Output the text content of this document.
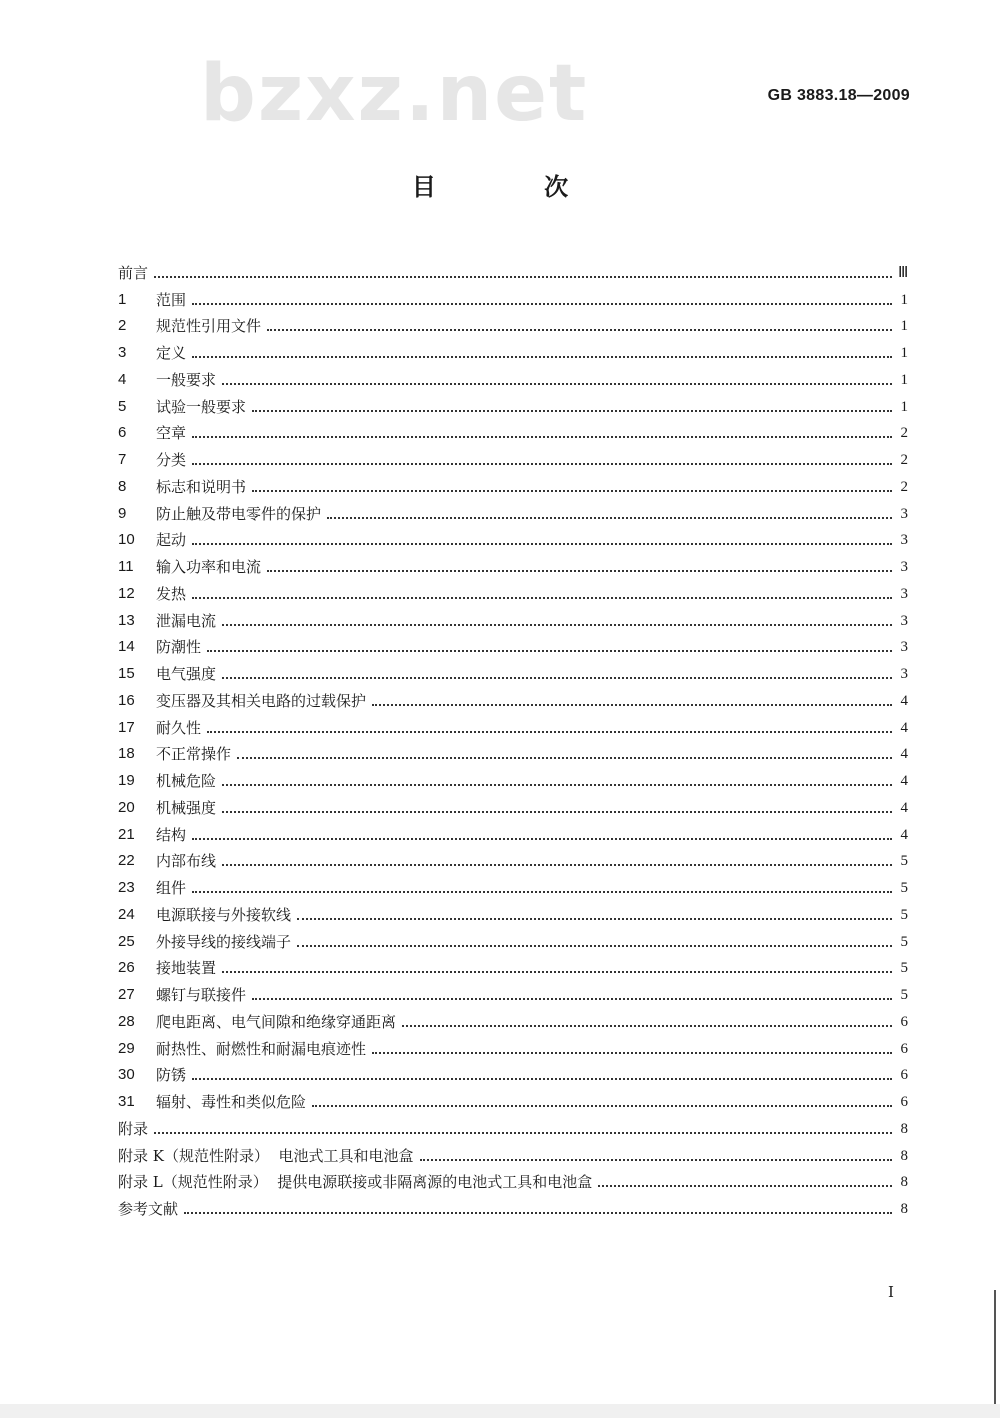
GB 3883.18—2009
bzxz.net
目 次
前言	Ⅲ
1	范围	1
2	规范性引用文件	1
3	定义	1
4	一般要求	1
5	试验一般要求	1
6	空章	2
7	分类	2
8	标志和说明书	2
9	防止触及带电零件的保护	3
10	起动	3
11	输入功率和电流	3
12	发热	3
13	泄漏电流	3
14	防潮性	3
15	电气强度	3
16	变压器及其相关电路的过载保护	4
17	耐久性	4
18	不正常操作	4
19	机械危险	4
20	机械强度	4
21	结构	4
22	内部布线	5
23	组件	5
24	电源联接与外接软线	5
25	外接导线的接线端子	5
26	接地装置	5
27	螺钉与联接件	5
28	爬电距离、电气间隙和绝缘穿通距离	6
29	耐热性、耐燃性和耐漏电痕迹性	6
30	防锈	6
31	辐射、毒性和类似危险	6
附录	8
附录 K（规范性附录）  电池式工具和电池盒	8
附录 L（规范性附录）  提供电源联接或非隔离源的电池式工具和电池盒	8
参考文献	8
I
